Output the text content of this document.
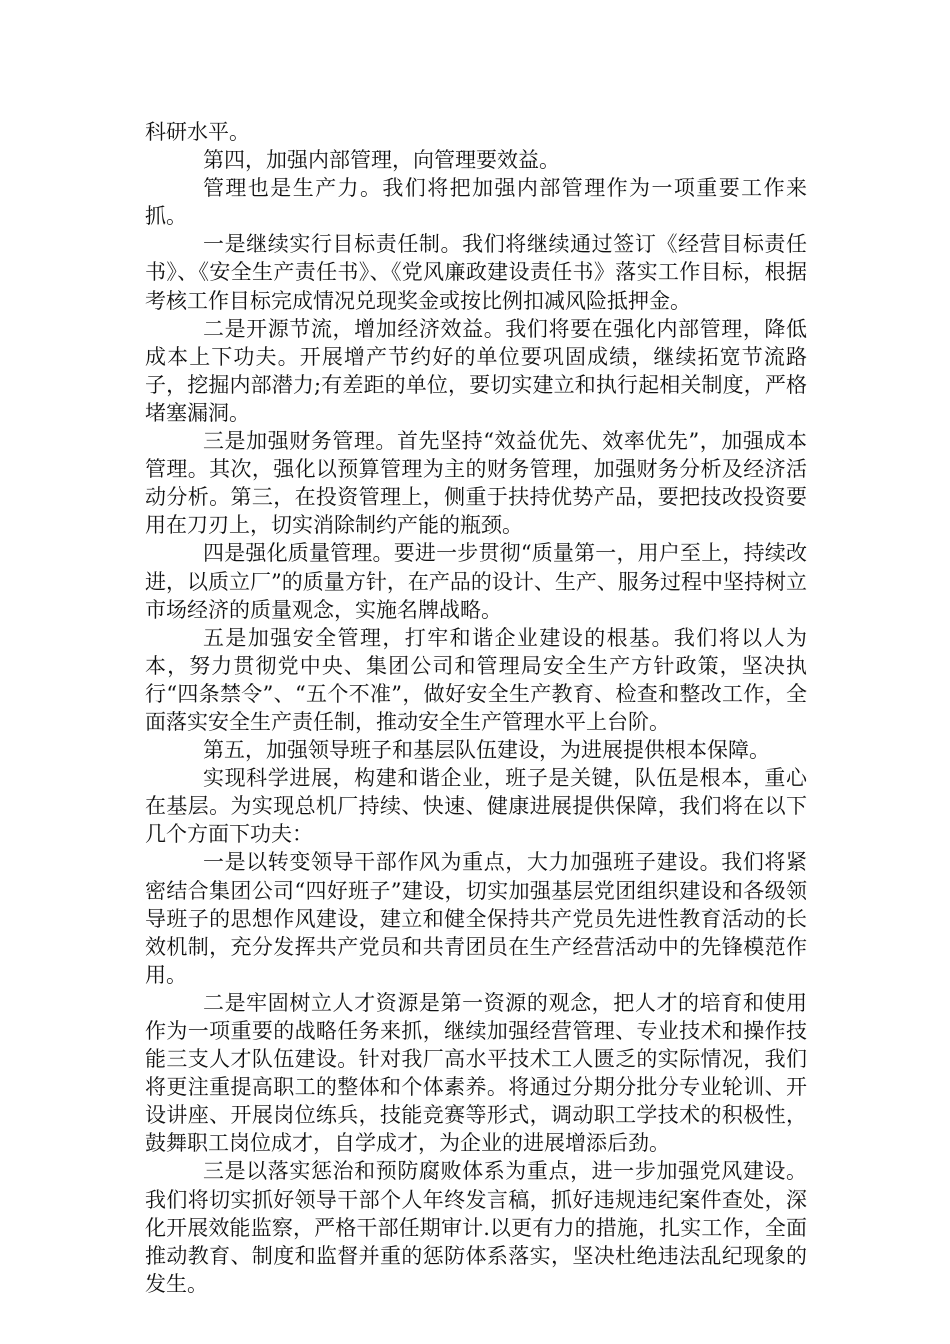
科研水平。

第四，加强内部管理，向管理要效益。

管理也是生产力。我们将把加强内部管理作为一项重要工作来抓。

一是继续实行目标责任制。我们将继续通过签订《经营目标责任书》、《安全生产责任书》、《党风廉政建设责任书》落实工作目标，根据考核工作目标完成情况兑现奖金或按比例扣减风险抵押金。

二是开源节流，增加经济效益。我们将要在强化内部管理，降低成本上下功夫。开展增产节约好的单位要巩固成绩，继续拓宽节流路子，挖掘内部潜力;有差距的单位，要切实建立和执行起相关制度，严格堵塞漏洞。

三是加强财务管理。首先坚持“效益优先、效率优先”，加强成本管理。其次，强化以预算管理为主的财务管理，加强财务分析及经济活动分析。第三，在投资管理上，侧重于扶持优势产品，要把技改投资要用在刀刃上，切实消除制约产能的瓶颈。

四是强化质量管理。要进一步贯彻“质量第一，用户至上，持续改进，以质立厂”的质量方针，在产品的设计、生产、服务过程中坚持树立市场经济的质量观念，实施名牌战略。

五是加强安全管理，打牢和谐企业建设的根基。我们将以人为本，努力贯彻党中央、集团公司和管理局安全生产方针政策，坚决执行“四条禁令”、“五个不准”，做好安全生产教育、检查和整改工作，全面落实安全生产责任制，推动安全生产管理水平上台阶。

第五，加强领导班子和基层队伍建设，为进展提供根本保障。

实现科学进展，构建和谐企业，班子是关键，队伍是根本，重心在基层。为实现总机厂持续、快速、健康进展提供保障，我们将在以下几个方面下功夫：

一是以转变领导干部作风为重点，大力加强班子建设。我们将紧密结合集团公司“四好班子”建设，切实加强基层党团组织建设和各级领导班子的思想作风建设，建立和健全保持共产党员先进性教育活动的长效机制，充分发挥共产党员和共青团员在生产经营活动中的先锋模范作用。

二是牢固树立人才资源是第一资源的观念，把人才的培育和使用作为一项重要的战略任务来抓，继续加强经营管理、专业技术和操作技能三支人才队伍建设。针对我厂高水平技术工人匮乏的实际情况，我们将更注重提高职工的整体和个体素养。将通过分期分批分专业轮训、开设讲座、开展岗位练兵，技能竞赛等形式，调动职工学技术的积极性，鼓舞职工岗位成才，自学成才，为企业的进展增添后劲。

三是以落实惩治和预防腐败体系为重点，进一步加强党风建设。我们将切实抓好领导干部个人年终发言稿，抓好违规违纪案件查处，深化开展效能监察，严格干部任期审计.以更有力的措施，扎实工作，全面推动教育、制度和监督并重的惩防体系落实，坚决杜绝违法乱纪现象的发生。
